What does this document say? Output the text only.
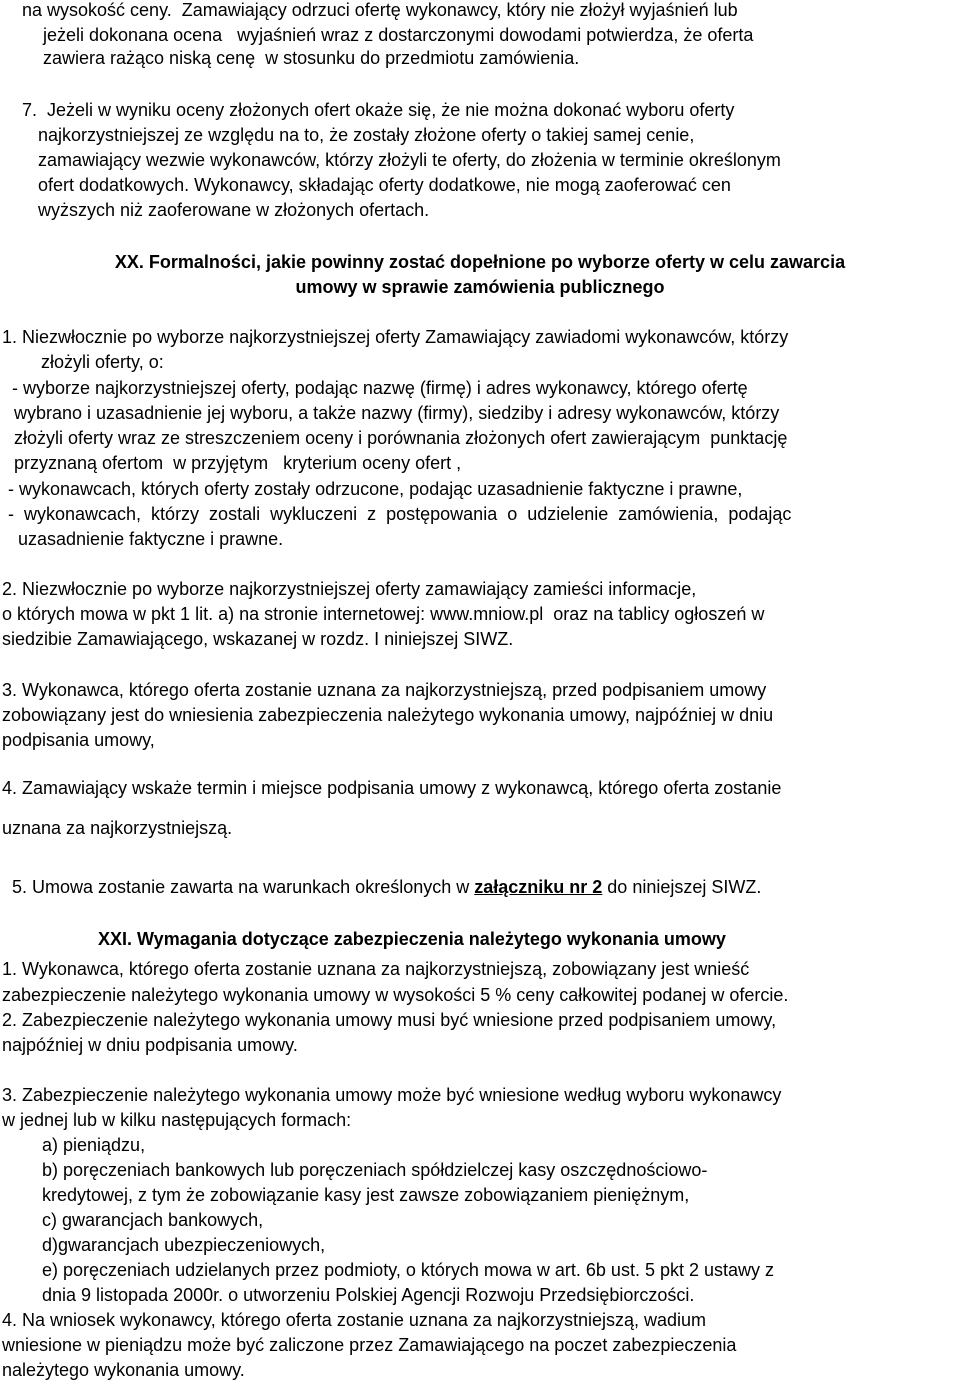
na wysokość ceny.  Zamawiający odrzuci ofertę wykonawcy, który nie złożył wyjaśnień lub
jeżeli dokonana ocena   wyjaśnień wraz z dostarczonymi dowodami potwierdza, że oferta
zawiera rażąco niską cenę  w stosunku do przedmiotu zamówienia.
7.  Jeżeli w wyniku oceny złożonych ofert okaże się, że nie można dokonać wyboru oferty
najkorzystniejszej ze względu na to, że zostały złożone oferty o takiej samej cenie,
zamawiający wezwie wykonawców, którzy złożyli te oferty, do złożenia w terminie określonym
ofert dodatkowych. Wykonawcy, składając oferty dodatkowe, nie mogą zaoferować cen
wyższych niż zaoferowane w złożonych ofertach.
XX. Formalności, jakie powinny zostać dopełnione po wyborze oferty w celu zawarcia
umowy w sprawie zamówienia publicznego
1. Niezwłocznie po wyborze najkorzystniejszej oferty Zamawiający zawiadomi wykonawców, którzy
złożyli oferty, o:
- wyborze najkorzystniejszej oferty, podając nazwę (firmę) i adres wykonawcy, którego ofertę
wybrano i uzasadnienie jej wyboru, a także nazwy (firmy), siedziby i adresy wykonawców, którzy
złożyli oferty wraz ze streszczeniem oceny i porównania złożonych ofert zawierającym  punktację
przyznaną ofertom  w przyjętym   kryterium oceny ofert ,
- wykonawcach, których oferty zostały odrzucone, podając uzasadnienie faktyczne i prawne,
-  wykonawcach,  którzy  zostali  wykluczeni  z  postępowania  o  udzielenie  zamówienia,  podając
uzasadnienie faktyczne i prawne.
2. Niezwłocznie po wyborze najkorzystniejszej oferty zamawiający zamieści informacje,
o których mowa w pkt 1 lit. a) na stronie internetowej: www.mniow.pl  oraz na tablicy ogłoszeń w
siedzibie Zamawiającego, wskazanej w rozdz. I niniejszej SIWZ.
3. Wykonawca, którego oferta zostanie uznana za najkorzystniejszą, przed podpisaniem umowy
zobowiązany jest do wniesienia zabezpieczenia należytego wykonania umowy, najpóźniej w dniu
podpisania umowy,
4. Zamawiający wskaże termin i miejsce podpisania umowy z wykonawcą, którego oferta zostanie
uznana za najkorzystniejszą.

5. Umowa zostanie zawarta na warunkach określonych w załączniku nr 2 do niniejszej SIWZ.

XXI. Wymagania dotyczące zabezpieczenia należytego wykonania umowy
1. Wykonawca, którego oferta zostanie uznana za najkorzystniejszą, zobowiązany jest wnieść
zabezpieczenie należytego wykonania umowy w wysokości 5 % ceny całkowitej podanej w ofercie.
2. Zabezpieczenie należytego wykonania umowy musi być wniesione przed podpisaniem umowy,
najpóźniej w dniu podpisania umowy.
3. Zabezpieczenie należytego wykonania umowy może być wniesione według wyboru wykonawcy
w jednej lub w kilku następujących formach:
a) pieniądzu,
b) poręczeniach bankowych lub poręczeniach spółdzielczej kasy oszczędnościowo-
kredytowej, z tym że zobowiązanie kasy jest zawsze zobowiązaniem pieniężnym,
c) gwarancjach bankowych,
d)gwarancjach ubezpieczeniowych,
e) poręczeniach udzielanych przez podmioty, o których mowa w art. 6b ust. 5 pkt 2 ustawy z
dnia 9 listopada 2000r. o utworzeniu Polskiej Agencji Rozwoju Przedsiębiorczości.
4. Na wniosek wykonawcy, którego oferta zostanie uznana za najkorzystniejszą, wadium
wniesione w pieniądzu może być zaliczone przez Zamawiającego na poczet zabezpieczenia
należytego wykonania umowy.
